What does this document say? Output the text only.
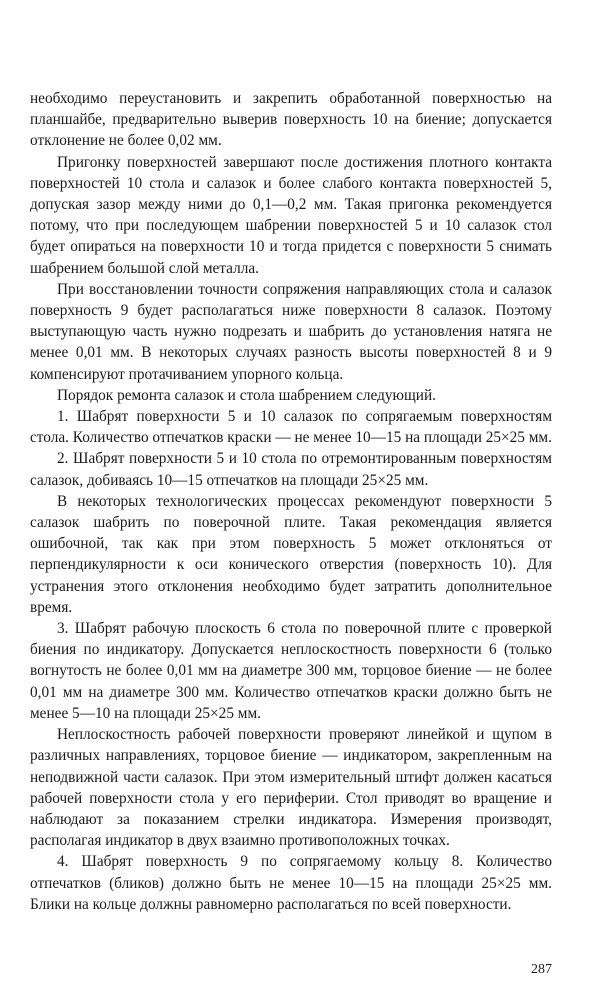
необходимо переустановить и закрепить обработанной поверхностью на планшайбе, предварительно выверив поверхность 10 на биение; допускается отклонение не более 0,02 мм.

Пригонку поверхностей завершают после достижения плотного контакта поверхностей 10 стола и салазок и более слабого контакта поверхностей 5, допуская зазор между ними до 0,1—0,2 мм. Такая пригонка рекомендуется потому, что при последующем шабрении поверхностей 5 и 10 салазок стол будет опираться на поверхности 10 и тогда придется с поверхности 5 снимать шабрением большой слой металла.

При восстановлении точности сопряжения направляющих стола и салазок поверхность 9 будет располагаться ниже поверхности 8 салазок. Поэтому выступающую часть нужно подрезать и шабрить до установления натяга не менее 0,01 мм. В некоторых случаях разность высоты поверхностей 8 и 9 компенсируют протачиванием упорного кольца.

Порядок ремонта салазок и стола шабрением следующий.

1. Шабрят поверхности 5 и 10 салазок по сопрягаемым поверхностям стола. Количество отпечатков краски — не менее 10—15 на площади 25×25 мм.

2. Шабрят поверхности 5 и 10 стола по отремонтированным поверхностям салазок, добиваясь 10—15 отпечатков на площади 25×25 мм.

В некоторых технологических процессах рекомендуют поверхности 5 салазок шабрить по поверочной плите. Такая рекомендация является ошибочной, так как при этом поверхность 5 может отклоняться от перпендикулярности к оси конического отверстия (поверхность 10). Для устранения этого отклонения необходимо будет затратить дополнительное время.

3. Шабрят рабочую плоскость 6 стола по поверочной плите с проверкой биения по индикатору. Допускается неплоскостность поверхности 6 (только вогнутость не более 0,01 мм на диаметре 300 мм, торцовое биение — не более 0,01 мм на диаметре 300 мм. Количество отпечатков краски должно быть не менее 5—10 на площади 25×25 мм.

Неплоскостность рабочей поверхности проверяют линейкой и щупом в различных направлениях, торцовое биение — индикатором, закрепленным на неподвижной части салазок. При этом измерительный штифт должен касаться рабочей поверхности стола у его периферии. Стол приводят во вращение и наблюдают за показанием стрелки индикатора. Измерения производят, располагая индикатор в двух взаимно противоположных точках.

4. Шабрят поверхность 9 по сопрягаемому кольцу 8. Количество отпечатков (бликов) должно быть не менее 10—15 на площади 25×25 мм. Блики на кольце должны равномерно располагаться по всей поверхности.

287
